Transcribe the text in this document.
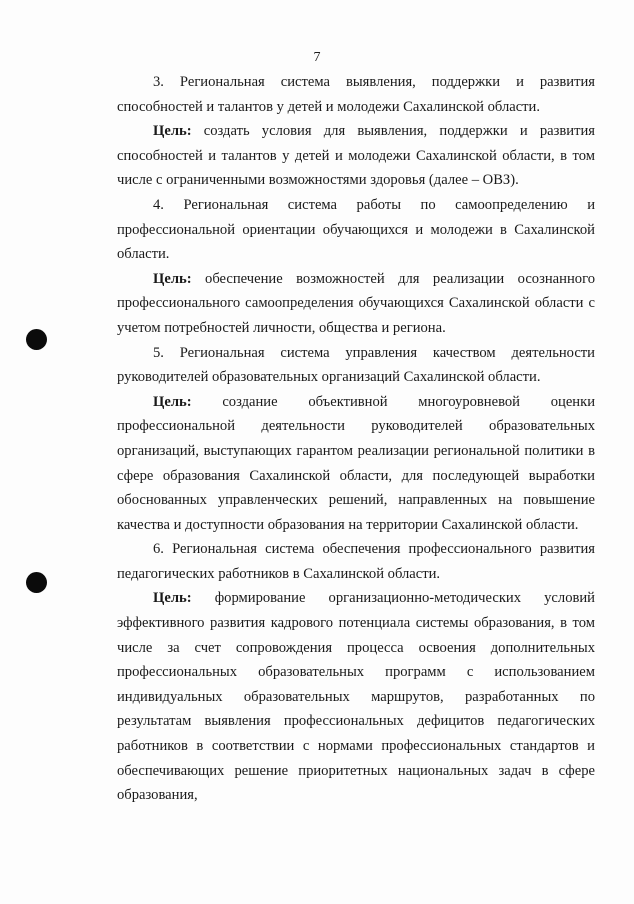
7

3. Региональная система выявления, поддержки и развития способностей и талантов у детей и молодежи Сахалинской области.

Цель: создать условия для выявления, поддержки и развития способностей и талантов у детей и молодежи Сахалинской области, в том числе с ограниченными возможностями здоровья (далее – ОВЗ).

4. Региональная система работы по самоопределению и профессиональной ориентации обучающихся и молодежи в Сахалинской области.

Цель: обеспечение возможностей для реализации осознанного профессионального самоопределения обучающихся Сахалинской области с учетом потребностей личности, общества и региона.

5. Региональная система управления качеством деятельности руководителей образовательных организаций Сахалинской области.

Цель: создание объективной многоуровневой оценки профессиональной деятельности руководителей образовательных организаций, выступающих гарантом реализации региональной политики в сфере образования Сахалинской области, для последующей выработки обоснованных управленческих решений, направленных на повышение качества и доступности образования на территории Сахалинской области.

6. Региональная система обеспечения профессионального развития педагогических работников в Сахалинской области.

Цель: формирование организационно-методических условий эффективного развития кадрового потенциала системы образования, в том числе за счет сопровождения процесса освоения дополнительных профессиональных образовательных программ с использованием индивидуальных образовательных маршрутов, разработанных по результатам выявления профессиональных дефицитов педагогических работников в соответствии с нормами профессиональных стандартов и обеспечивающих решение приоритетных национальных задач в сфере образования,
